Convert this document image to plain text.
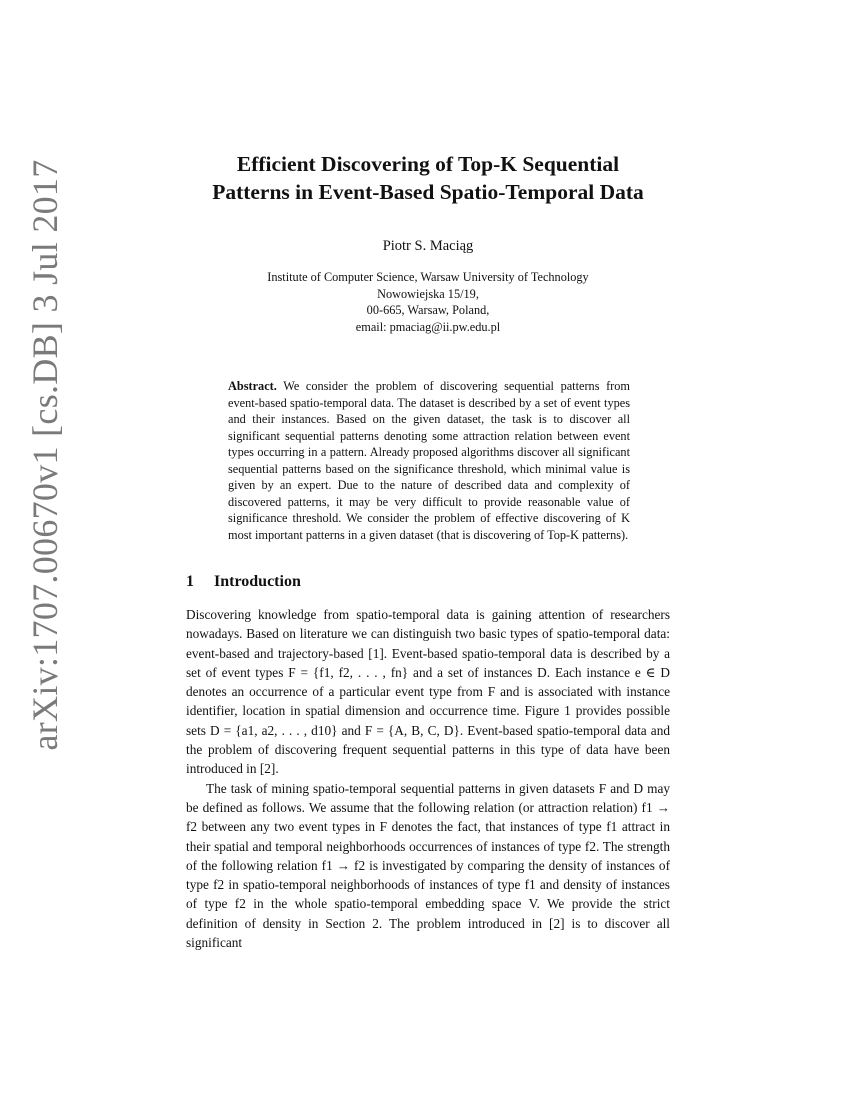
arXiv:1707.00670v1 [cs.DB] 3 Jul 2017	Efficient Discovering of Top-K Sequential
Patterns in Event-Based Spatio-Temporal Data
Piotr S. Maciąg
Institute of Computer Science, Warsaw University of Technology
Nowowiejska 15/19,
00-665, Warsaw, Poland,
email: pmaciag@ii.pw.edu.pl
Abstract. We consider the problem of discovering sequential patterns from event-based spatio-temporal data. The dataset is described by a set of event types and their instances. Based on the given dataset, the task is to discover all significant sequential patterns denoting some attraction relation between event types occurring in a pattern. Already proposed algorithms discover all significant sequential patterns based on the significance threshold, which minimal value is given by an expert. Due to the nature of described data and complexity of discovered patterns, it may be very difficult to provide reasonable value of significance threshold. We consider the problem of effective discovering of K most important patterns in a given dataset (that is discovering of Top-K patterns).
1	Introduction

Discovering knowledge from spatio-temporal data is gaining attention of researchers nowadays. Based on literature we can distinguish two basic types of spatio-temporal data: event-based and trajectory-based [1]. Event-based spatio-temporal data is described by a set of event types F = {f1, f2, . . . , fn} and a set of instances D. Each instance e ∈ D denotes an occurrence of a particular event type from F and is associated with instance identifier, location in spatial dimension and occurrence time. Figure 1 provides possible sets D = {a1, a2, . . . , d10} and F = {A, B, C, D}. Event-based spatio-temporal data and the problem of discovering frequent sequential patterns in this type of data have been introduced in [2].

The task of mining spatio-temporal sequential patterns in given datasets F and D may be defined as follows. We assume that the following relation (or attraction relation) f1 → f2 between any two event types in F denotes the fact, that instances of type f1 attract in their spatial and temporal neighborhoods occurrences of instances of type f2. The strength of the following relation f1 → f2 is investigated by comparing the density of instances of type f2 in spatio-temporal neighborhoods of instances of type f1 and density of instances of type f2 in the whole spatio-temporal embedding space V. We provide the strict definition of density in Section 2. The problem introduced in [2] is to discover all significant
